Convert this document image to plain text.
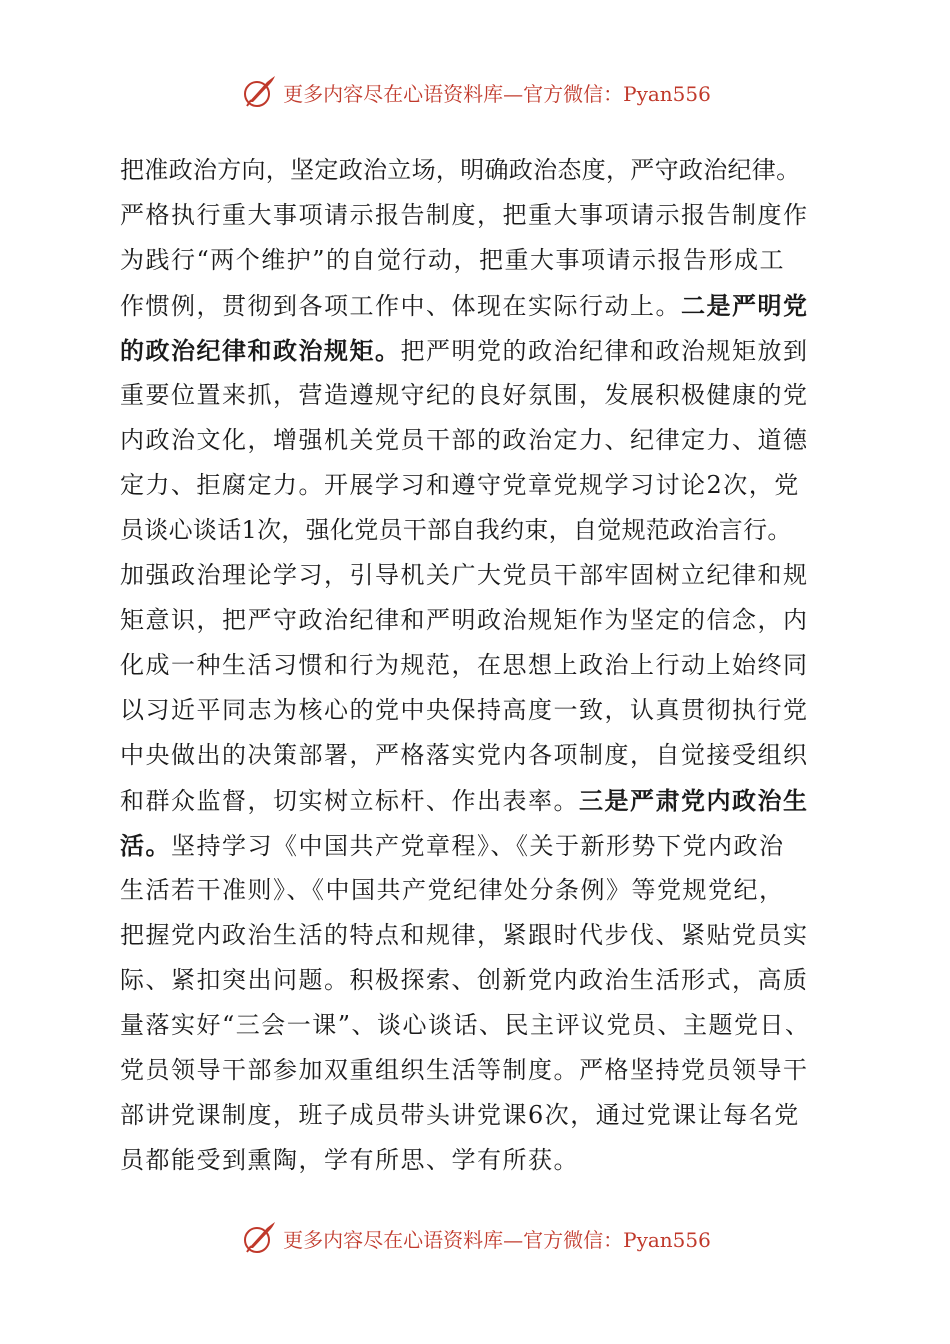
更多内容尽在心语资料库—官方微信：Pyan556
把准政治方向，坚定政治立场，明确政治态度，严守政治纪律。
严格执行重大事项请示报告制度，把重大事项请示报告制度作
为践行“两个维护”的自觉行动，把重大事项请示报告形成工
作惯例，贯彻到各项工作中、体现在实际行动上。二是严明党
的政治纪律和政治规矩。把严明党的政治纪律和政治规矩放到
重要位置来抓，营造遵规守纪的良好氛围，发展积极健康的党
内政治文化，增强机关党员干部的政治定力、纪律定力、道德
定力、拒腐定力。开展学习和遵守党章党规学习讨论2次，党
员谈心谈话1次，强化党员干部自我约束，自觉规范政治言行。
加强政治理论学习，引导机关广大党员干部牢固树立纪律和规
矩意识，把严守政治纪律和严明政治规矩作为坚定的信念，内
化成一种生活习惯和行为规范，在思想上政治上行动上始终同
以习近平同志为核心的党中央保持高度一致，认真贯彻执行党
中央做出的决策部署，严格落实党内各项制度，自觉接受组织
和群众监督，切实树立标杆、作出表率。三是严肃党内政治生
活。坚持学习《中国共产党章程》、《关于新形势下党内政治
生活若干准则》、《中国共产党纪律处分条例》等党规党纪，
把握党内政治生活的特点和规律，紧跟时代步伐、紧贴党员实
际、紧扣突出问题。积极探索、创新党内政治生活形式，高质
量落实好“三会一课”、谈心谈话、民主评议党员、主题党日、
党员领导干部参加双重组织生活等制度。严格坚持党员领导干
部讲党课制度，班子成员带头讲党课6次，通过党课让每名党
员都能受到熏陶，学有所思、学有所获。
更多内容尽在心语资料库—官方微信：Pyan556
